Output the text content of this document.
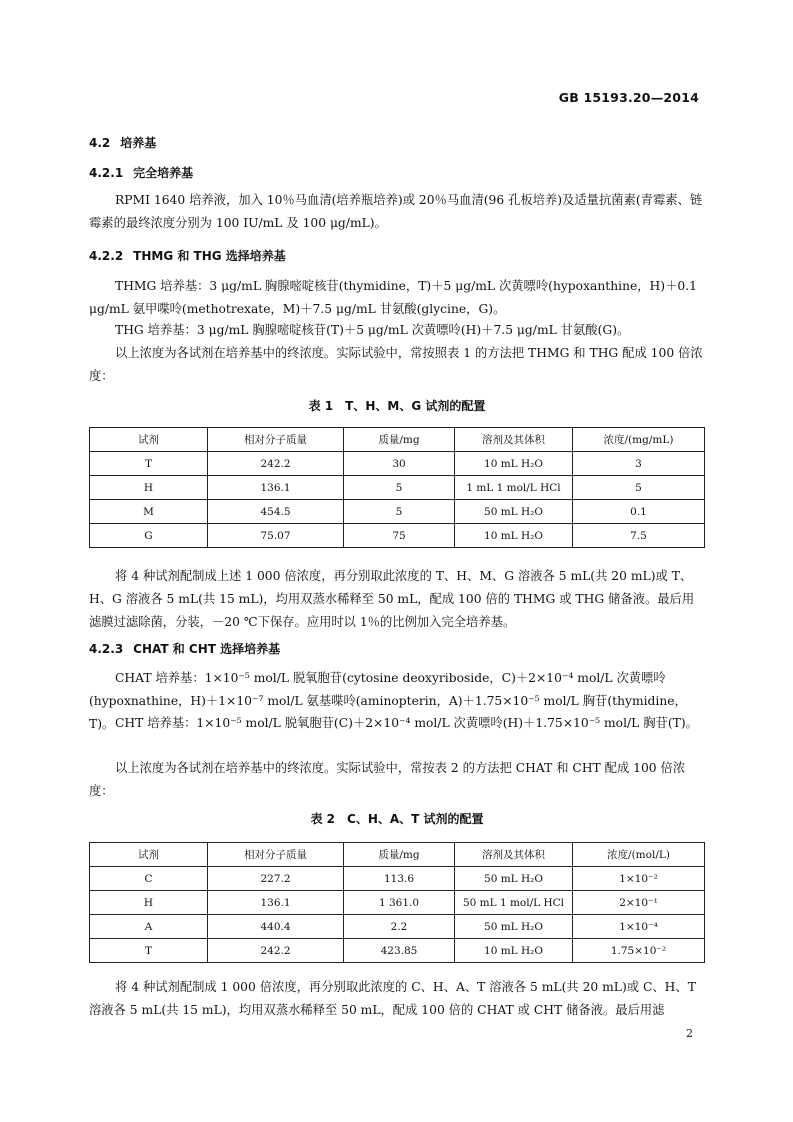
GB 15193.20—2014
4.2 培养基
4.2.1 完全培养基
RPMI 1640 培养液，加入 10％马血清(培养瓶培养)或 20％马血清(96 孔板培养)及适量抗菌素(青霉素、链霉素的最终浓度分别为 100 IU/mL 及 100 μg/mL)。
4.2.2 THMG 和 THG 选择培养基
THMG 培养基：3 μg/mL 胸腺嘧啶核苷(thymidine，T)＋5 μg/mL 次黄嘌呤(hypoxanthine，H)＋0.1 μg/mL 氨甲喋呤(methotrexate，M)＋7.5 μg/mL 甘氨酸(glycine，G)。
THG 培养基：3 μg/mL 胸腺嘧啶核苷(T)＋5 μg/mL 次黄嘌呤(H)＋7.5 μg/mL 甘氨酸(G)。
以上浓度为各试剂在培养基中的终浓度。实际试验中，常按照表 1 的方法把 THMG 和 THG 配成 100 倍浓度：
表 1　T、H、M、G 试剂的配置
试剂	相对分子质量	质量/mg	溶剂及其体积	浓度/(mg/mL)
T	242.2	30	10 mL H₂O	3
H	136.1	5	1 mL 1 mol/L HCl	5
M	454.5	5	50 mL H₂O	0.1
G	75.07	75	10 mL H₂O	7.5
将 4 种试剂配制成上述 1 000 倍浓度，再分别取此浓度的 T、H、M、G 溶液各 5 mL(共 20 mL)或 T、H、G 溶液各 5 mL(共 15 mL)，均用双蒸水稀释至 50 mL，配成 100 倍的 THMG 或 THG 储备液。最后用滤膜过滤除菌，分装，－20 ℃下保存。应用时以 1％的比例加入完全培养基。
4.2.3 CHAT 和 CHT 选择培养基
CHAT 培养基：1×10⁻⁵ mol/L 脱氧胞苷(cytosine deoxyriboside，C)＋2×10⁻⁴ mol/L 次黄嘌呤(hypoxnathine，H)＋1×10⁻⁷ mol/L 氨基喋呤(aminopterin，A)＋1.75×10⁻⁵ mol/L 胸苷(thymidine，T)。 CHT 培养基：1×10⁻⁵ mol/L 脱氧胞苷(C)＋2×10⁻⁴ mol/L 次黄嘌呤(H)＋1.75×10⁻⁵ mol/L 胸苷(T)。
以上浓度为各试剂在培养基中的终浓度。实际试验中，常按表 2 的方法把 CHAT 和 CHT 配成 100 倍浓度：
表 2　C、H、A、T 试剂的配置
试剂	相对分子质量	质量/mg	溶剂及其体积	浓度/(mol/L)
C	227.2	113.6	50 mL H₂O	1×10⁻²
H	136.1	1 361.0	50 mL 1 mol/L HCl	2×10⁻¹
A	440.4	2.2	50 mL H₂O	1×10⁻⁴
T	242.2	423.85	10 mL H₂O	1.75×10⁻²
将 4 种试剂配制成 1 000 倍浓度，再分别取此浓度的 C、H、A、T 溶液各 5 mL(共 20 mL)或 C、H、T 溶液各 5 mL(共 15 mL)，均用双蒸水稀释至 50 mL，配成 100 倍的 CHAT 或 CHT 储备液。最后用滤
2
